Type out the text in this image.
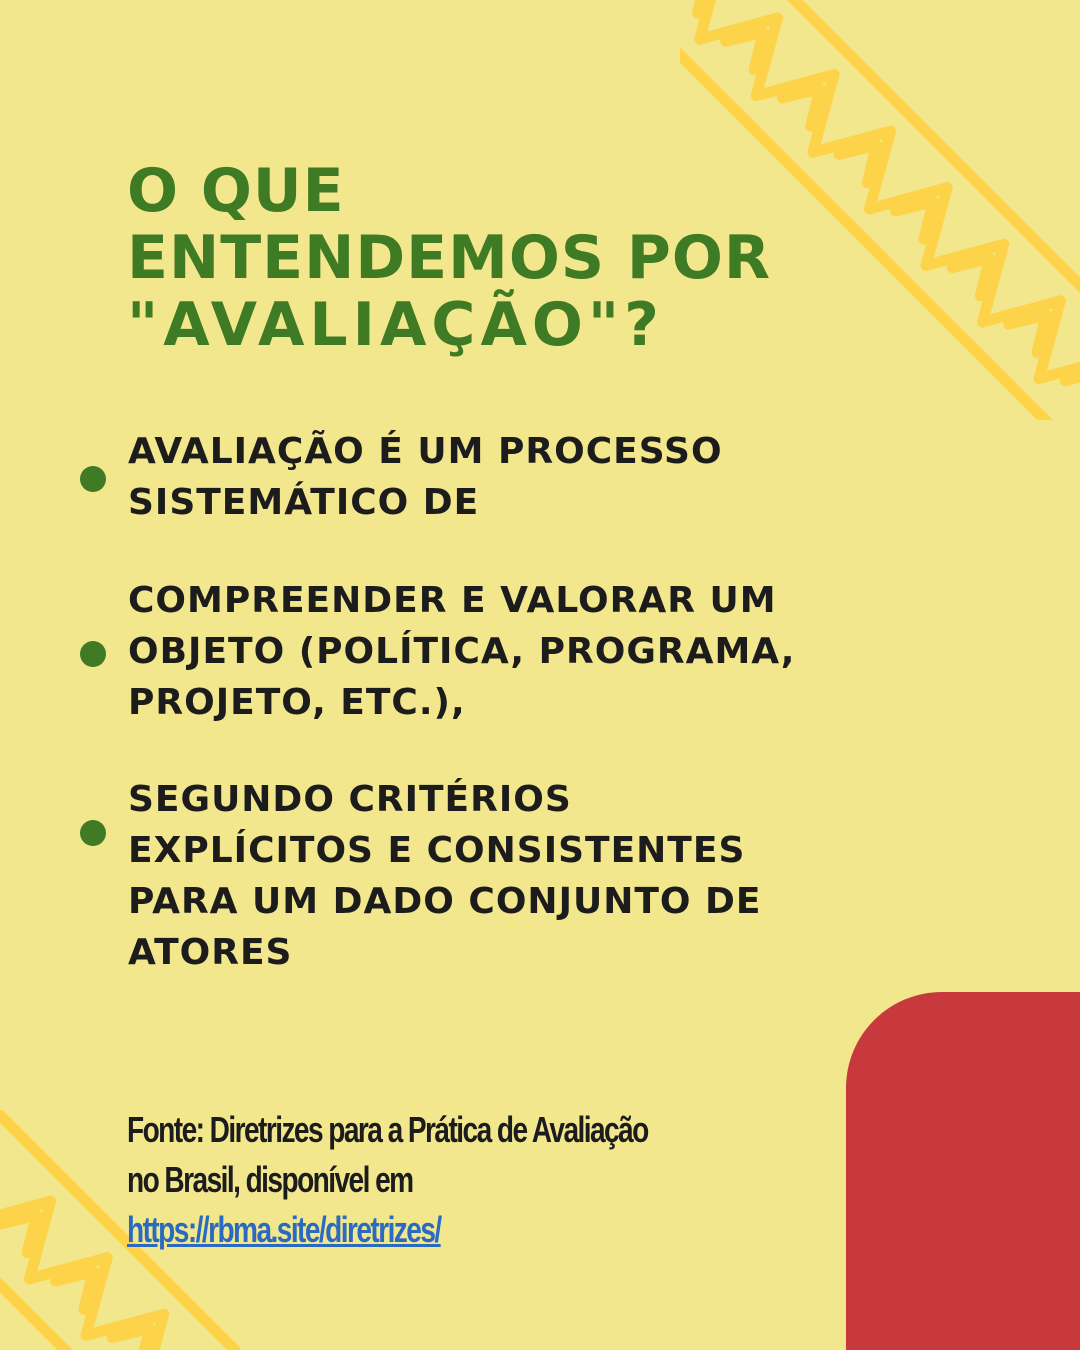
O QUE
ENTENDEMOS POR
"AVALIAÇÃO"?
AVALIAÇÃO É UM PROCESSO
SISTEMÁTICO DE
COMPREENDER E VALORAR UM
OBJETO (POLÍTICA, PROGRAMA,
PROJETO, ETC.),
SEGUNDO CRITÉRIOS
EXPLÍCITOS E CONSISTENTES
PARA UM DADO CONJUNTO DE
ATORES
Fonte: Diretrizes para a Prática de Avaliação
no Brasil, disponível em
https://rbma.site/diretrizes/
